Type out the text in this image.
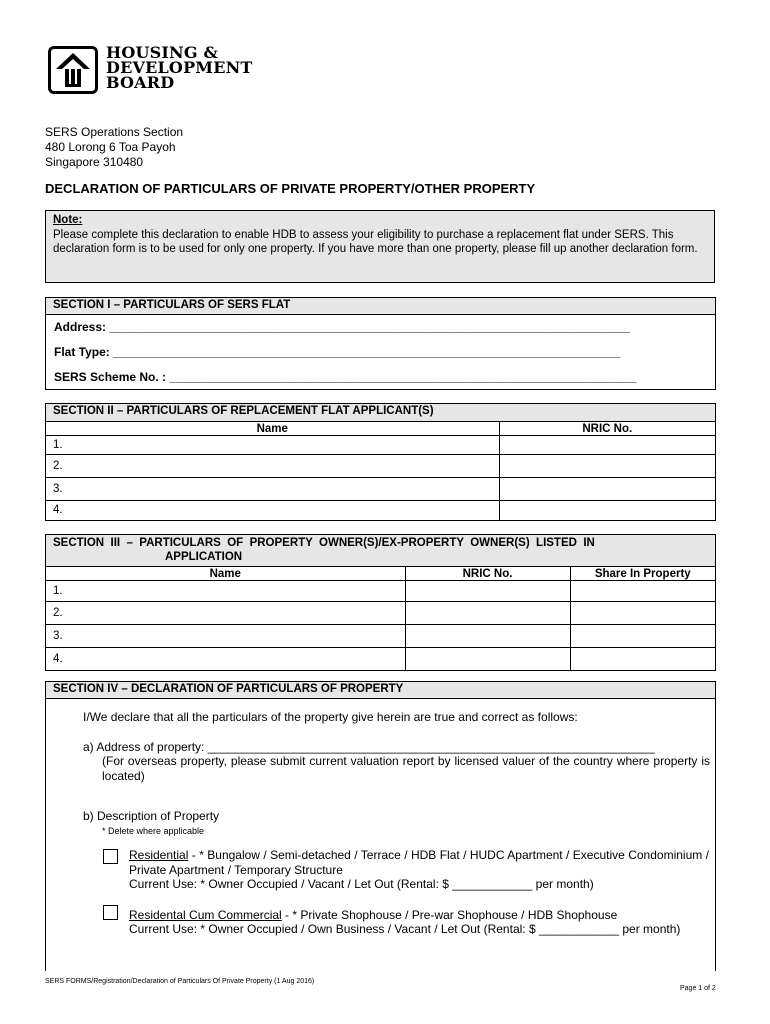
HOUSING &
DEVELOPMENT
BOARD
SERS Operations Section
480 Lorong 6 Toa Payoh
Singapore 310480
DECLARATION OF PARTICULARS OF PRIVATE PROPERTY/OTHER PROPERTY
Note:
Please complete this declaration to enable HDB to assess your eligibility to purchase a replacement flat under SERS. This declaration form is to be used for only one property. If you have more than one property, please fill up another declaration form.
SECTION I – PARTICULARS OF SERS FLAT
Address: ______________________________________________________________________________
Flat Type: ____________________________________________________________________________
SERS Scheme No. : ______________________________________________________________________
SECTION II – PARTICULARS OF REPLACEMENT FLAT APPLICANT(S)
Name	NRIC No.
1.	
2.	
3.	
4.	
SECTION  III  –  PARTICULARS  OF  PROPERTY  OWNER(S)/EX-PROPERTY  OWNER(S)  LISTED  IN
APPLICATION
Name	NRIC No.	Share In Property
1.		
2.		
3.		
4.		
SECTION IV – DECLARATION OF PARTICULARS OF PROPERTY
I/We declare that all the particulars of the property give herein are true and correct as follows:
a) Address of property: ___________________________________________________________________
(For overseas property, please submit current valuation report by licensed valuer of the country where property is located)
b) Description of Property
* Delete where applicable
Residential - * Bungalow / Semi-detached / Terrace / HDB Flat / HUDC Apartment / Executive Condominium / Private Apartment / Temporary Structure
Current Use: * Owner Occupied / Vacant / Let Out (Rental: $ ____________ per month)
Residental Cum Commercial - * Private Shophouse / Pre-war Shophouse / HDB Shophouse
Current Use: * Owner Occupied / Own Business / Vacant / Let Out (Rental: $ ____________ per month)
SERS FORMS/Registration/Declaration of Particulars Of Private Property (1 Aug 2016)
Page 1 of 2
